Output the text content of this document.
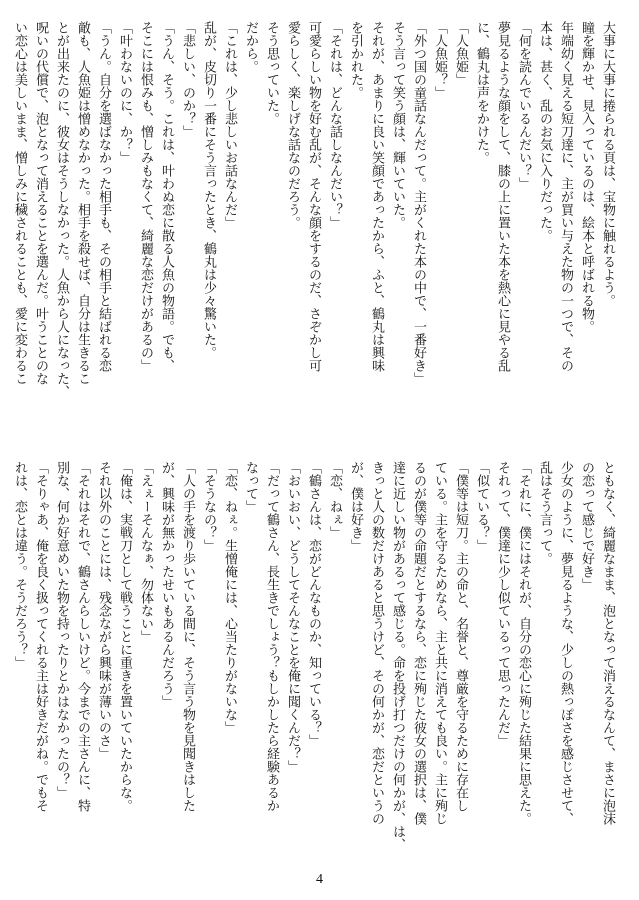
大事に大事に捲られる頁は、宝物に触れるよう。
瞳を輝かせ、見入っているのは、絵本と呼ばれる物。
年端幼く見える短刀達に、主が買い与えた物の一つで、その
本は、甚く、乱のお気に入りだった。
「何を読んでいるんだい？」
夢見るような顔をして、膝の上に置いた本を熱心に見やる乱
に、鶴丸は声をかけた。
「人魚姫」
「人魚姫？」
「外つ国の童話なんだって。主がくれた本の中で、一番好き」
そう言って笑う顔は、輝いていた。
それが、あまりに良い笑顔であったから、ふと、鶴丸は興味
を引かれた。
「それは、どんな話しなんだい？」
可愛らしい物を好む乱が、そんな顔をするのだ、さぞかし可
愛らしく、楽しげな話なのだろう。
そう思っていた。
だから。
「これは、少し悲しいお話なんだ」
乱が、皮切り一番にそう言ったとき、鶴丸は少々驚いた。
「悲しい、のか？」
「うん、そう。これは、叶わぬ恋に散る人魚の物語。でも、
そこには恨みも、憎しみもなくて、綺麗な恋だけがあるの」
「叶わないのに、か？」
「うん。自分を選ばなかった相手も、その相手と結ばれる恋
敵も、人魚姫は憎めなかった。相手を殺せば、自分は生きるこ
とが出来たのに、彼女はそうしなかった。人魚から人になった、
呪いの代償で、泡となって消えることを選んだ。叶うことのな
い恋心は美しいまま、憎しみに穢されることも、愛に変わるこ
ともなく、綺麗なまま、泡となって消えるなんて、まさに泡沫
の恋って感じで好き」
少女のように、夢見るような、少しの熱っぽさを感じさせて、
乱はそう言って。
「それに、僕にはそれが、自分の恋心に殉じた結果に思えた。
それって、僕達に少し似ているって思ったんだ」
「似ている？」
「僕等は短刀。主の命と、名誉と、尊厳を守るために存在し
ている。主を守るためなら、主と共に消えても良い。主に殉じ
るのが僕等の命題だとするなら、恋に殉じた彼女の選択は、僕
達に近しい物があるって感じる。命を投げ打つだけの何かが、は、
きっと人の数だけあると思うけど、その何かが、恋だというの
が、僕は好き」
「恋、ねぇ」
「鶴さんは、恋がどんなものか、知っている？」
「おいおい、どうしてそんなことを俺に聞くんだ？」
「だって鶴さん、長生きでしょう？もしかしたら経験あるか
なって」
「恋、ねぇ。生憎俺には、心当たりがないな」
「そうなの？」
「人の手を渡り歩いている間に、そう言う物を見聞きはした
が、興味が無かったせいもあるんだろう」
「えぇーそんなぁ、勿体ない」
「俺は、実戦刀として戦うことに重きを置いていたからな。
それ以外のことには、残念ながら興味が薄いのさ」
「それはそれで、鶴さんらしいけど。今までの主さんに、特
別な、何か好意めいた物を持ったりとかはなかったの？」
「そりゃあ、俺を良く扱ってくれる主は好きだがね。でもそ
れは、恋とは違う。そうだろう？」
4
